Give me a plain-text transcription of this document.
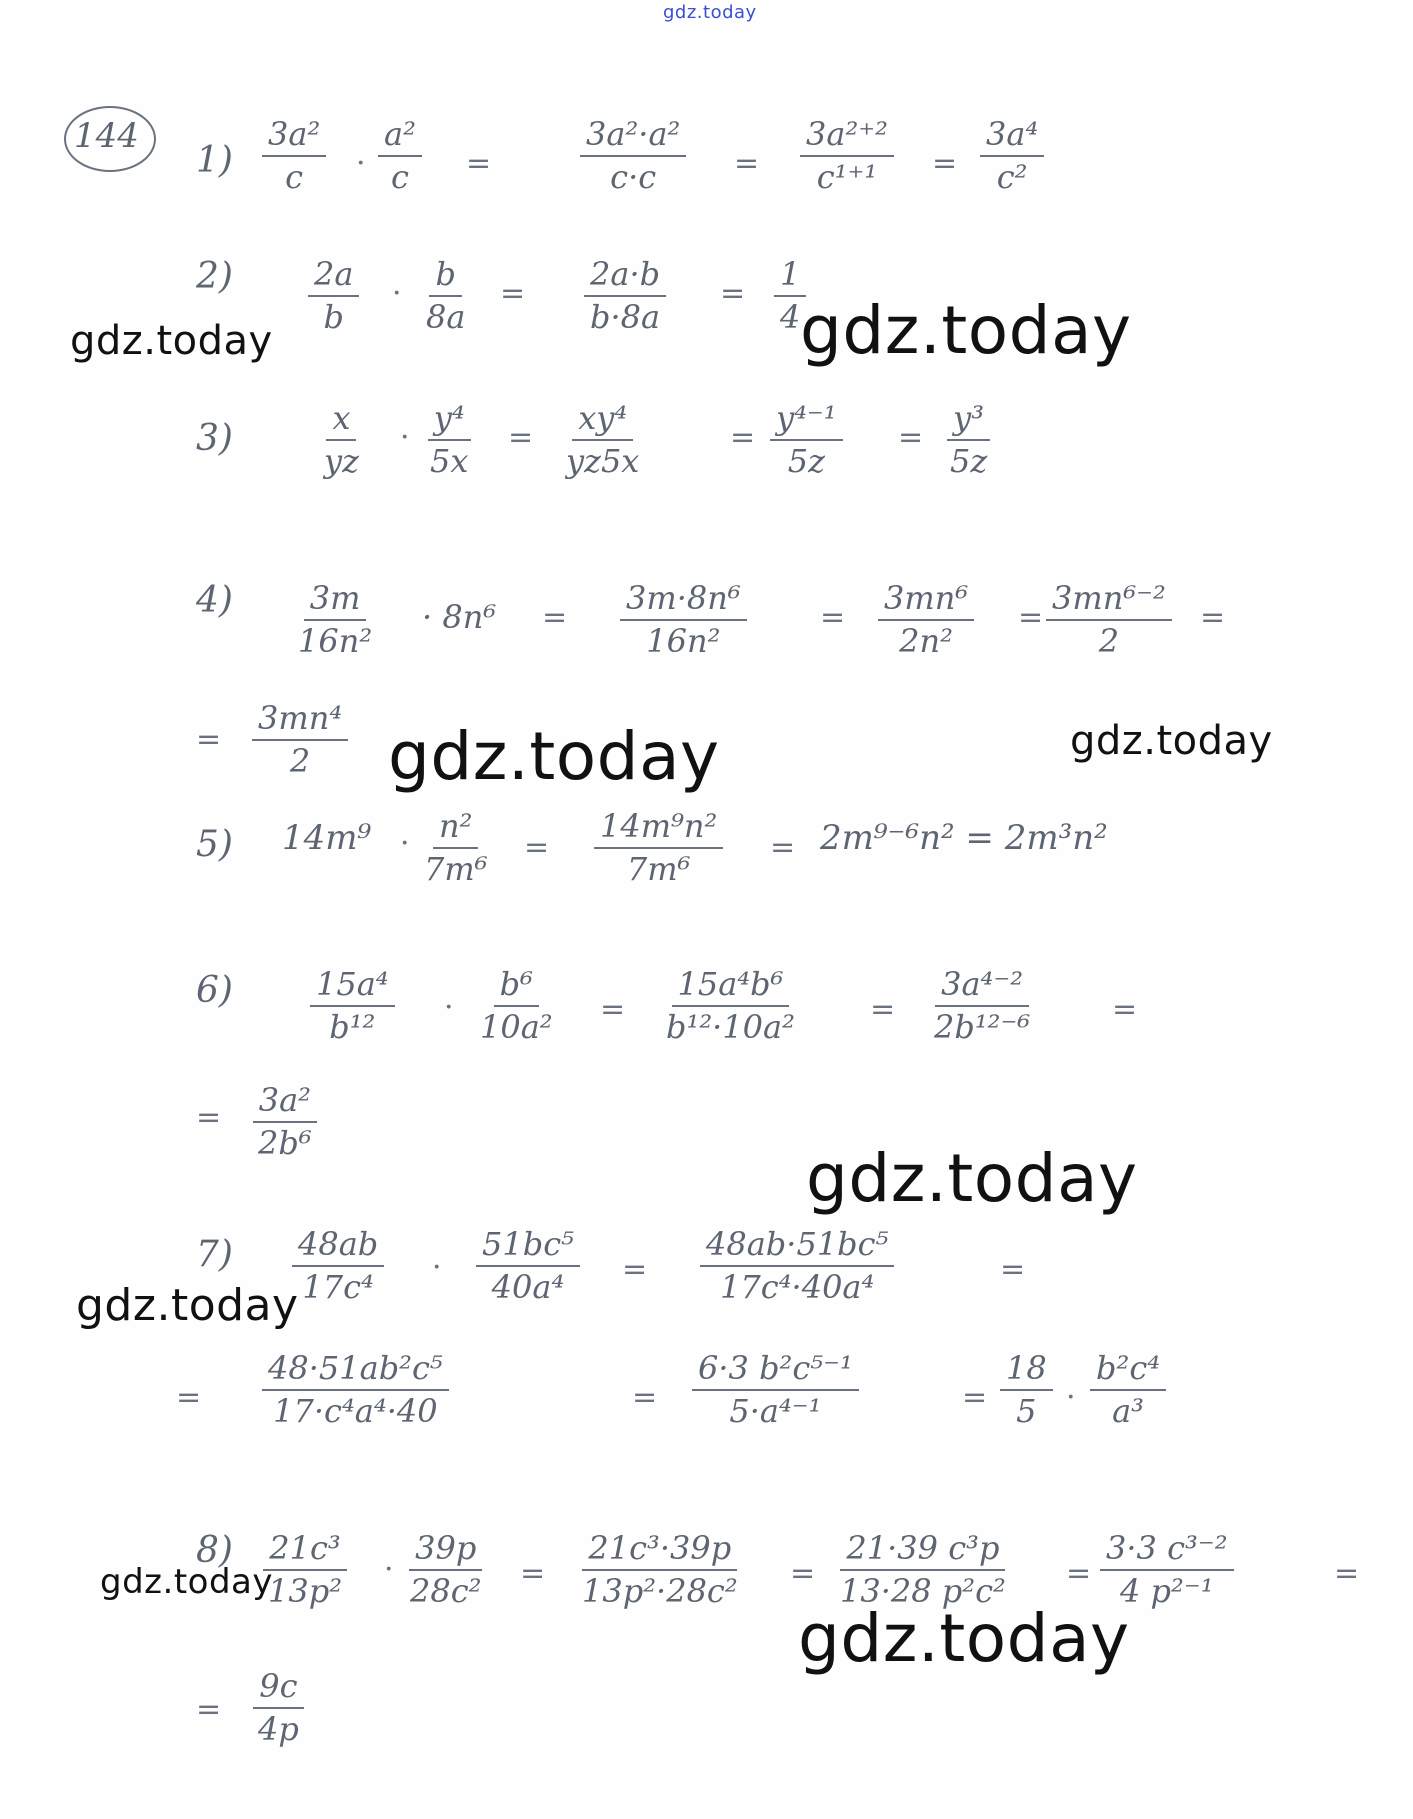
gdz.today
144
$1) \frac{\text{3a²}}{c} \cdot \frac{\text{a²}}{c}$ =	$\frac{\text{3a²·a²}}{c\cdot c} = \frac{\text{3a²⁺²}}{\text{c¹⁺¹}} = \frac{\text{3a⁴}}{\text{c²}}$
$2) \frac{2a}{b} \cdot \frac{b}{8a} = \frac{2a\cdot b}{b\cdot 8a} = \frac{1}{4}$
3)	$\frac{x}{yz} \cdot \frac{\text{y⁴}}{5x} = \frac{\text{xy⁴}}{yz5x}$	= $\frac{\text{y⁴⁻¹}}{5z} = \frac{\text{y³}}{5z}$
$4) \frac{3m}{\text{16n²}} \cdot 8n^6 = \frac{\text{3m·8n⁶}}{\text{16n²}} = \frac{\text{3mn⁶}}{\text{2n²}} = \frac{\text{3mn⁶⁻²}}{2}$ =
= $\frac{\text{3mn⁴}}{2}$
5) $14m^9 \cdot \frac{\text{n²}}{\text{7m⁶}} = \frac{\text{14m⁹n²}}{\text{7m⁶}} = 2m^{9-6}n^2 = 2m^3n^2$
$6) \frac{\text{15a⁴}}{\text{b¹²}} \cdot \frac{\text{b⁶}}{\text{10a²}} = \frac{\text{15a⁴b⁶}}{\text{b¹²·10a²}} = \frac{\text{3a⁴⁻²}}{\text{2b¹²⁻⁶}}$	=
= $\frac{\text{3a²}}{\text{2b⁶}}$
$7) \frac{48ab}{\text{17c⁴}} \cdot \frac{\text{51bc⁵}}{\text{40a⁴}} = \frac{\text{48ab·51bc⁵}}{\text{17c⁴·40a⁴}}$	=
= $\frac{\text{48·51ab²c⁵}}{\text{17·c⁴a⁴·40}}$	= $\frac{\text{6·3 b²c⁵⁻¹}}{\text{5·a⁴⁻¹}}$	= $\frac{18}{5} \cdot \frac{\text{b²c⁴}}{\text{a³}}$
$8) \frac{\text{21c³}}{\text{13p²}} \cdot \frac{39p}{\text{28c²}} = \frac{\text{21c³·39p}}{\text{13p²·28c²}} = \frac{\text{21·39 c³p}}{\text{13·28 p²c²}} = \frac{\text{3·3 c³⁻²}}{\text{4 p²⁻¹}}$	=
= $\frac{9c}{4p}$
gdz.today	gdz.today
gdz.today	gdz.today
gdz.today
gdz.today
gdz.today
gdz.today
